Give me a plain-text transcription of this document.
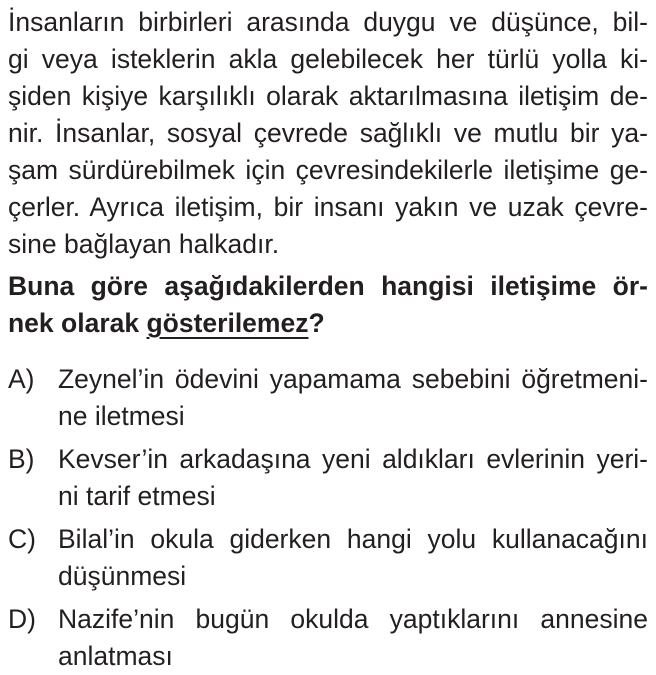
İnsanların birbirleri arasında duygu ve düşünce, bil-
gi veya isteklerin akla gelebilecek her türlü yolla ki-
şiden kişiye karşılıklı olarak aktarılmasına iletişim de-
nir. İnsanlar, sosyal çevrede sağlıklı ve mutlu bir ya-
şam sürdürebilmek için çevresindekilerle iletişime ge-
çerler. Ayrıca iletişim, bir insanı yakın ve uzak çevre-
sine bağlayan halkadır.
Buna göre aşağıdakilerden hangisi iletişime ör-
nek olarak gösterilemez?
A) Zeynel’in ödevini yapamama sebebini öğretmeni-
ne iletmesi
B) Kevser’in arkadaşına yeni aldıkları evlerinin yeri-
ni tarif etmesi
C) Bilal’in okula giderken hangi yolu kullanacağını
düşünmesi
D) Nazife’nin bugün okulda yaptıklarını annesine
anlatması
